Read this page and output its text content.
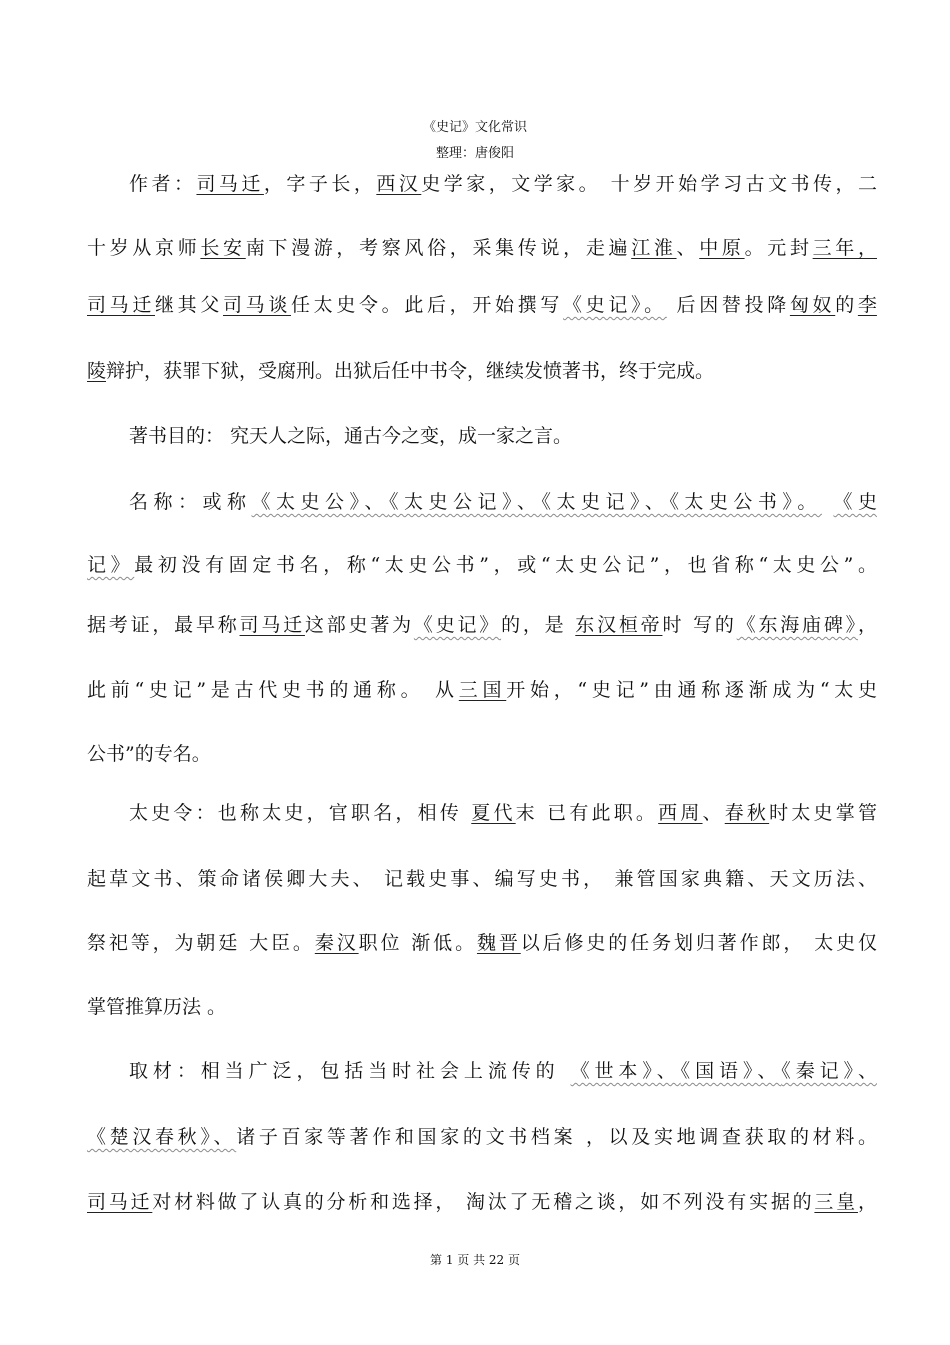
《史记》文化常识
整理：唐俊阳
作者：司马迁，字子长，西汉史学家，文学家。 十岁开始学习古文书传，二
十岁从京师长安南下漫游，考察风俗，采集传说，走遍江淮、中原。元封三年，
司马迁继其父司马谈任太史令。此后，开始撰写《史记》。 后因替投降匈奴的李
陵辩护，获罪下狱，受腐刑。出狱后任中书令，继续发愤著书，终于完成。
著书目的： 究天人之际，通古今之变，成一家之言。
名称：或称《太史公》、《太史公记》、《太史记》、《太史公书》。 《史
记》最初没有固定书名，称“太史公书”，或“太史公记”，也省称“太史公”。
据考证，最早称司马迁这部史著为《史记》的，是 东汉桓帝时 写的《东海庙碑》，
此前“史记”是古代史书的通称。 从三国开始，“史记”由通称逐渐成为“太史
公书”的专名。
太史令：也称太史，官职名，相传 夏代末 已有此职。西周、春秋时太史掌管
起草文书、策命诸侯卿大夫、 记载史事、编写史书， 兼管国家典籍、天文历法、
祭祀等，为朝廷 大臣。秦汉职位 渐低。魏晋以后修史的任务划归著作郎， 太史仅
掌管推算历法 。
取材：相当广泛，包括当时社会上流传的 《世本》、《国语》、《秦记》、
《楚汉春秋》、诸子百家等著作和国家的文书档案 ，以及实地调查获取的材料。
司马迁对材料做了认真的分析和选择， 淘汰了无稽之谈，如不列没有实据的三皇，
第 1 页 共 22 页
